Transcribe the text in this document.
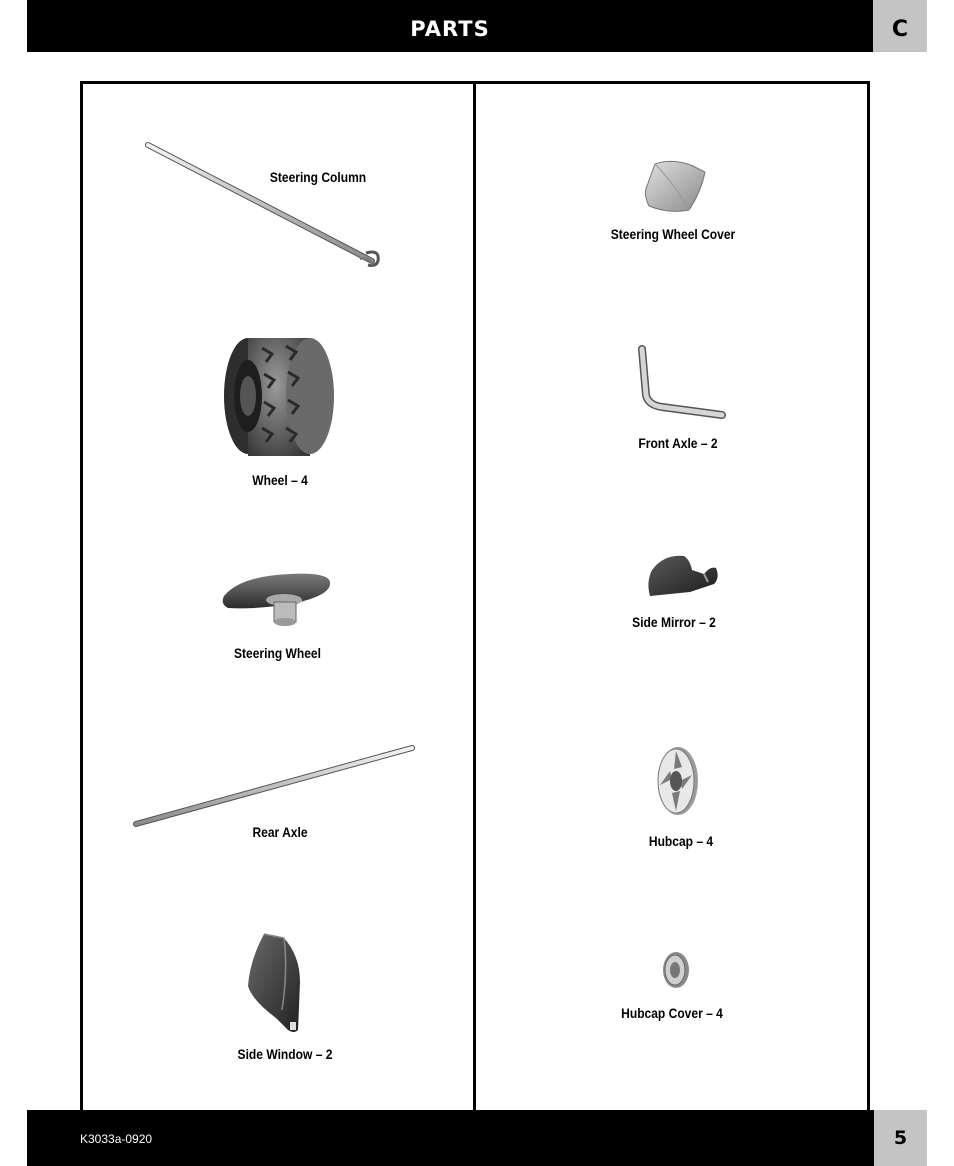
PARTS	C
Steering Column
Wheel – 4
Steering Wheel
Rear Axle
Side Window – 2
Steering Wheel Cover
Front Axle – 2
Side Mirror – 2
Hubcap – 4
Hubcap Cover – 4
K3033a-0920	5
